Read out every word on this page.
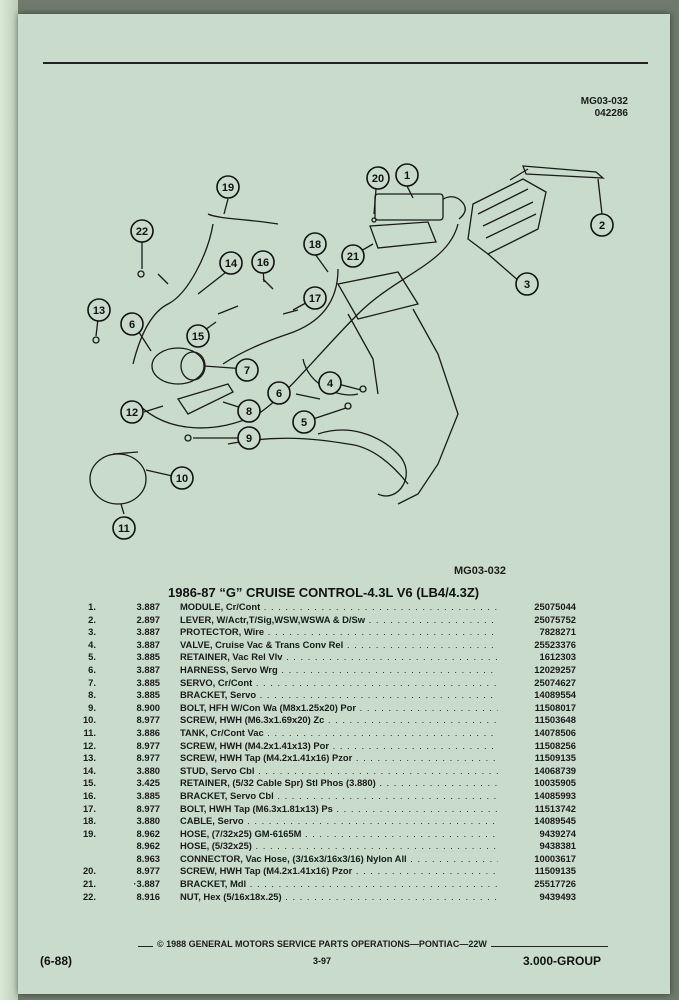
MG03-032
042286
1
2
3
4
5
6
6
7
8
9
10
11
12
13
14
15
16
17
18
19
20
21
22
MG03-032
1986-87 “G” CRUISE CONTROL-4.3L V6 (LB4/4.3Z)
1.	3.887 MODULE, Cr/Cont . . .	25075044
2.	2.897 LEVER, W/Actr,T/Sig,WSW,WSWA & D/Sw . . .	25075752
3.	3.887 PROTECTOR, Wire . . .	7828271
4.	3.887 VALVE, Cruise Vac & Trans Conv Rel . . .	25523376
5.	3.885 RETAINER, Vac Rel Vlv . . .	1612303
6.	3.887 HARNESS, Servo Wrg . . .	12029257
7.	3.885 SERVO, Cr/Cont . . .	25074627
8.	3.885 BRACKET, Servo . . .	14089554
9.	8.900 BOLT, HFH W/Con Wa (M8x1.25x20) Por . . .	11508017
10.	8.977 SCREW, HWH (M6.3x1.69x20) Zc . . .	11503648
11.	3.886 TANK, Cr/Cont Vac . . .	14078506
12.	8.977 SCREW, HWH (M4.2x1.41x13) Por . . .	11508256
13.	8.977 SCREW, HWH Tap (M4.2x1.41x16) Pzor . . .	11509135
14.	3.880 STUD, Servo Cbl . . .	14068739
15.	3.425 RETAINER, (5/32 Cable Spr) Stl Phos (3.880) . . .	10035905
16.	3.885 BRACKET, Servo Cbl . . .	14085993
17.	8.977 BOLT, HWH Tap (M6.3x1.81x13) Ps . . .	11513742
18.	3.880 CABLE, Servo . . .	14089545
19.	8.962 HOSE, (7/32x25) GM-6165M . . .	9439274
8.962 HOSE, (5/32x25) . . .	9438381
8.963 CONNECTOR, Vac Hose, (3/16x3/16x3/16) Nylon All . . .	10003617
20.	8.977 SCREW, HWH Tap (M4.2x1.41x16) Pzor . . .	11509135
21.	·3.887 BRACKET, Mdl . . .	25517726
22.	8.916 NUT, Hex (5/16x18x.25) . . .	9439493
© 1988 GENERAL MOTORS SERVICE PARTS OPERATIONS—PONTIAC—22W
(6-88)	3-97	3.000-GROUP
